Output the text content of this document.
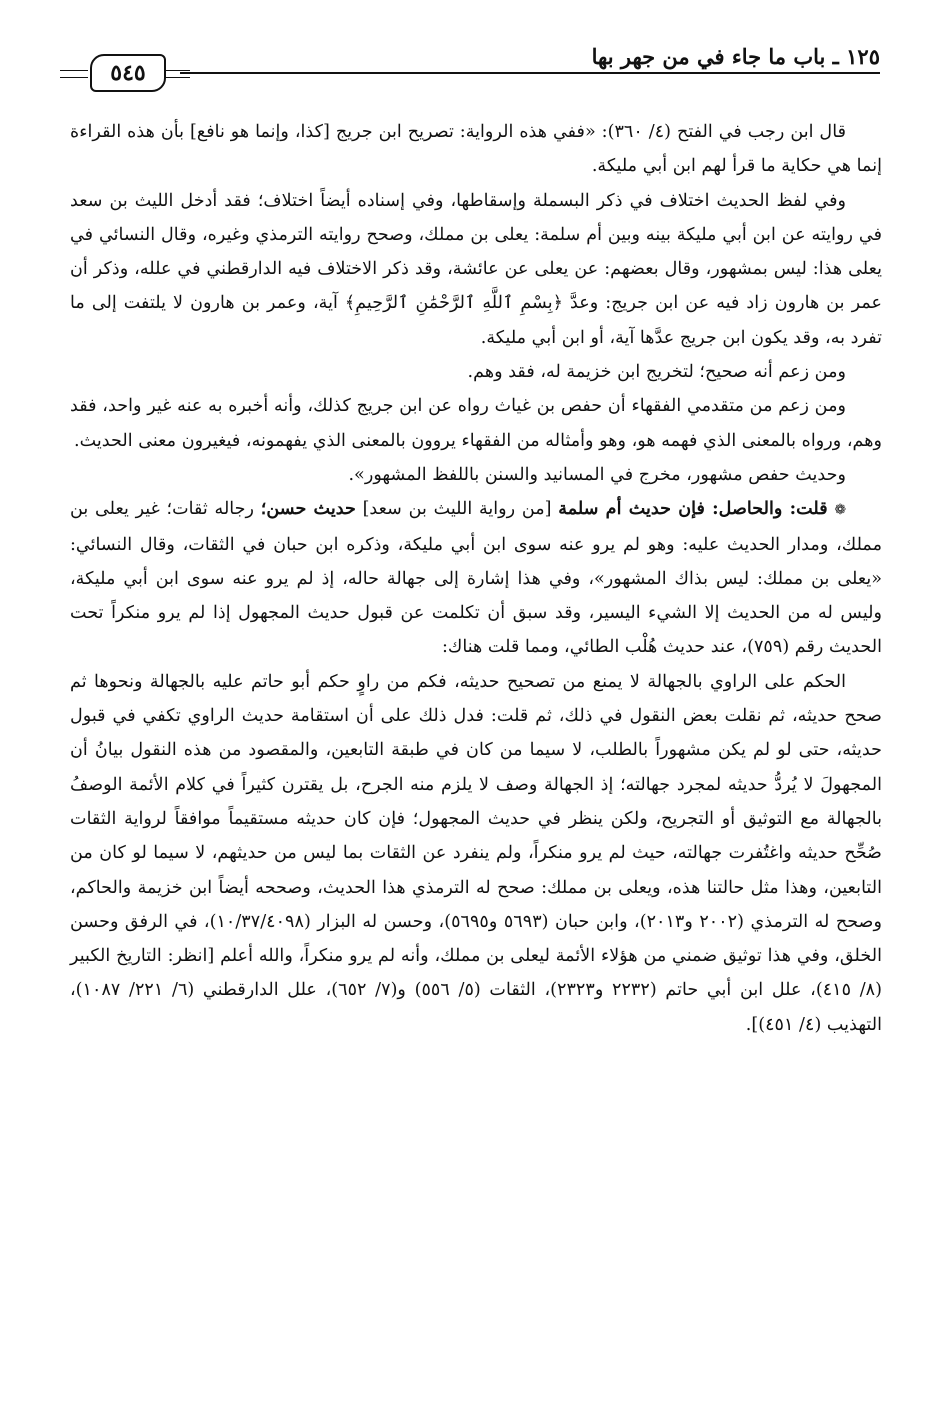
١٢٥ ـ باب ما جاء في من جهر بها
٥٤٥

قال ابن رجب في الفتح (٤/ ٣٦٠): «ففي هذه الرواية: تصريح ابن جريج [كذا، وإنما هو نافع] بأن هذه القراءة إنما هي حكاية ما قرأ لهم ابن أبي مليكة.

وفي لفظ الحديث اختلاف في ذكر البسملة وإسقاطها، وفي إسناده أيضاً اختلاف؛ فقد أدخل الليث بن سعد في روايته عن ابن أبي مليكة بينه وبين أم سلمة: يعلى بن مملك، وصحح روايته الترمذي وغيره، وقال النسائي في يعلى هذا: ليس بمشهور، وقال بعضهم: عن يعلى عن عائشة، وقد ذكر الاختلاف فيه الدارقطني في علله، وذكر أن عمر بن هارون زاد فيه عن ابن جريج: وعدَّ ﴿بِسْمِ ٱللَّهِ ٱلرَّحْمَٰنِ ٱلرَّحِيمِ﴾ آية، وعمر بن هارون لا يلتفت إلى ما تفرد به، وقد يكون ابن جريج عدَّها آية، أو ابن أبي مليكة.

ومن زعم أنه صحيح؛ لتخريج ابن خزيمة له، فقد وهم.

ومن زعم من متقدمي الفقهاء أن حفص بن غياث رواه عن ابن جريج كذلك، وأنه أخبره به عنه غير واحد، فقد وهم، ورواه بالمعنى الذي فهمه هو، وهو وأمثاله من الفقهاء يروون بالمعنى الذي يفهمونه، فيغيرون معنى الحديث.

وحديث حفص مشهور، مخرج في المسانيد والسنن باللفظ المشهور».

❁ قلت: والحاصل: فإن حديث أم سلمة [من رواية الليث بن سعد] حديث حسن؛ رجاله ثقات؛ غير يعلى بن مملك، ومدار الحديث عليه: وهو لم يرو عنه سوى ابن أبي مليكة، وذكره ابن حبان في الثقات، وقال النسائي: «يعلى بن مملك: ليس بذاك المشهور»، وفي هذا إشارة إلى جهالة حاله، إذ لم يرو عنه سوى ابن أبي مليكة، وليس له من الحديث إلا الشيء اليسير، وقد سبق أن تكلمت عن قبول حديث المجهول إذا لم يرو منكراً تحت الحديث رقم (٧٥٩)، عند حديث هُلْب الطائي، ومما قلت هناك:

الحكم على الراوي بالجهالة لا يمنع من تصحيح حديثه، فكم من راوٍ حكم أبو حاتم عليه بالجهالة ونحوها ثم صحح حديثه، ثم نقلت بعض النقول في ذلك، ثم قلت: فدل ذلك على أن استقامة حديث الراوي تكفي في قبول حديثه، حتى لو لم يكن مشهوراً بالطلب، لا سيما من كان في طبقة التابعين، والمقصود من هذه النقول بيانُ أن المجهولَ لا يُردُّ حديثه لمجرد جهالته؛ إذ الجهالة وصف لا يلزم منه الجرح، بل يقترن كثيراً في كلام الأئمة الوصفُ بالجهالة مع التوثيق أو التجريح، ولكن ينظر في حديث المجهول؛ فإن كان حديثه مستقيماً موافقاً لرواية الثقات صُحِّح حديثه واغتُفرت جهالته، حيث لم يرو منكراً، ولم ينفرد عن الثقات بما ليس من حديثهم، لا سيما لو كان من التابعين، وهذا مثل حالتنا هذه، ويعلى بن مملك: صحح له الترمذي هذا الحديث، وصححه أيضاً ابن خزيمة والحاكم، وصحح له الترمذي (٢٠٠٢ و٢٠١٣)، وابن حبان (٥٦٩٣ و٥٦٩٥)، وحسن له البزار (١٠/٣٧/٤٠٩٨)، في الرفق وحسن الخلق، وفي هذا توثيق ضمني من هؤلاء الأئمة ليعلى بن مملك، وأنه لم يرو منكراً، والله أعلم [انظر: التاريخ الكبير (٨/ ٤١٥)، علل ابن أبي حاتم (٢٢٣٢ و٢٣٢٣)، الثقات (٥/ ٥٥٦) و(٧/ ٦٥٢)، علل الدارقطني (٦/ ٢٢١/ ١٠٨٧)، التهذيب (٤/ ٤٥١)].
